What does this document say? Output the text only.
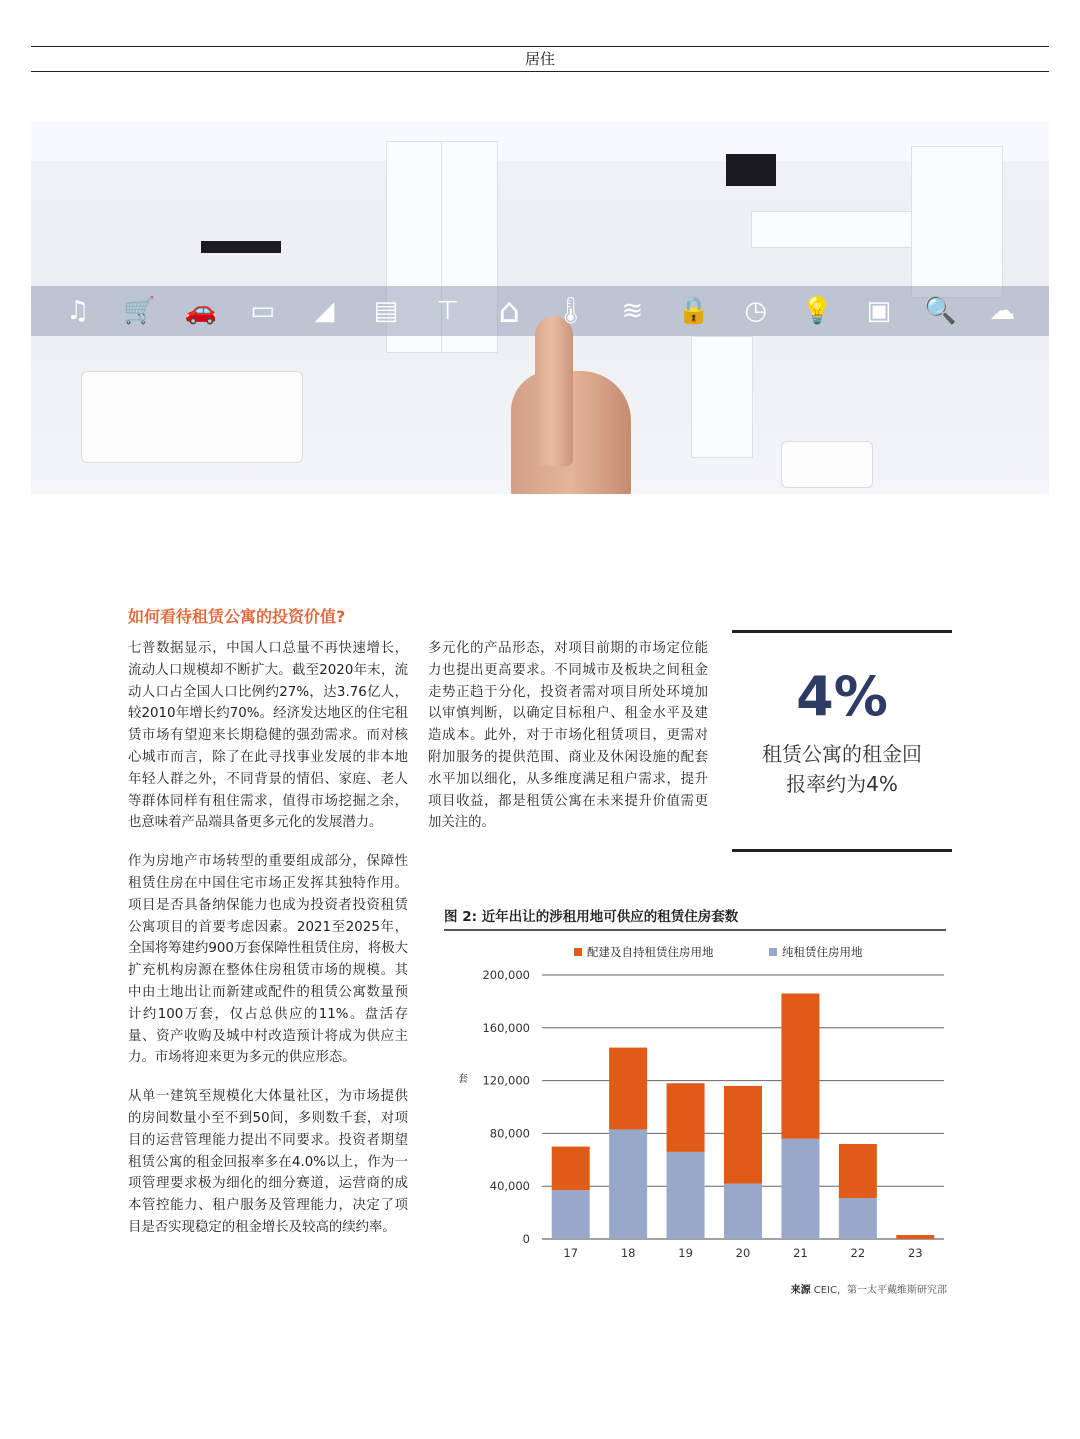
居住
♫	🛒 🚗 ▭	◢	▤	⊤ ⌂	🌡	≋	🔒	◷	💡 ▣ 🔍 ☁
如何看待租赁公寓的投资价值?

七普数据显示，中国人口总量不再快速增长，流动人口规模却不断扩大。截至2020年末，流动人口占全国人口比例约27%，达3.76亿人，较2010年增长约70%。经济发达地区的住宅租赁市场有望迎来长期稳健的强劲需求。而对核心城市而言，除了在此寻找事业发展的非本地年轻人群之外，不同背景的情侣、家庭、老人等群体同样有租住需求，值得市场挖掘之余，也意味着产品端具备更多元化的发展潜力。

作为房地产市场转型的重要组成部分，保障性租赁住房在中国住宅市场正发挥其独特作用。项目是否具备纳保能力也成为投资者投资租赁公寓项目的首要考虑因素。2021至2025年，全国将筹建约900万套保障性租赁住房，将极大扩充机构房源在整体住房租赁市场的规模。其中由土地出让而新建或配件的租赁公寓数量预计约100万套，仅占总供应的11%。盘活存量、资产收购及城中村改造预计将成为供应主力。市场将迎来更为多元的供应形态。

从单一建筑至规模化大体量社区，为市场提供的房间数量小至不到50间，多则数千套，对项目的运营管理能力提出不同要求。投资者期望租赁公寓的租金回报率多在4.0%以上，作为一项管理要求极为细化的细分赛道，运营商的成本管控能力、租户服务及管理能力，决定了项目是否实现稳定的租金增长及较高的续约率。

多元化的产品形态，对项目前期的市场定位能力也提出更高要求。不同城市及板块之间租金走势正趋于分化，投资者需对项目所处环境加以审慎判断，以确定目标租户、租金水平及建造成本。此外，对于市场化租赁项目，更需对附加服务的提供范围、商业及休闲设施的配套水平加以细化，从多维度满足租户需求，提升项目收益，都是租赁公寓在未来提升价值需更加关注的。

4%
租赁公寓的租金回
报率约为4%
图 2: 近年出让的涉租用地可供应的租赁住房套数
配建及自持租赁住房用地	纯租赁住房用地
0
40,000
80,000
120,000
160,000
200,000
套
17	18	19	20	21	22	23
来源 CEIC，第一太平戴维斯研究部
